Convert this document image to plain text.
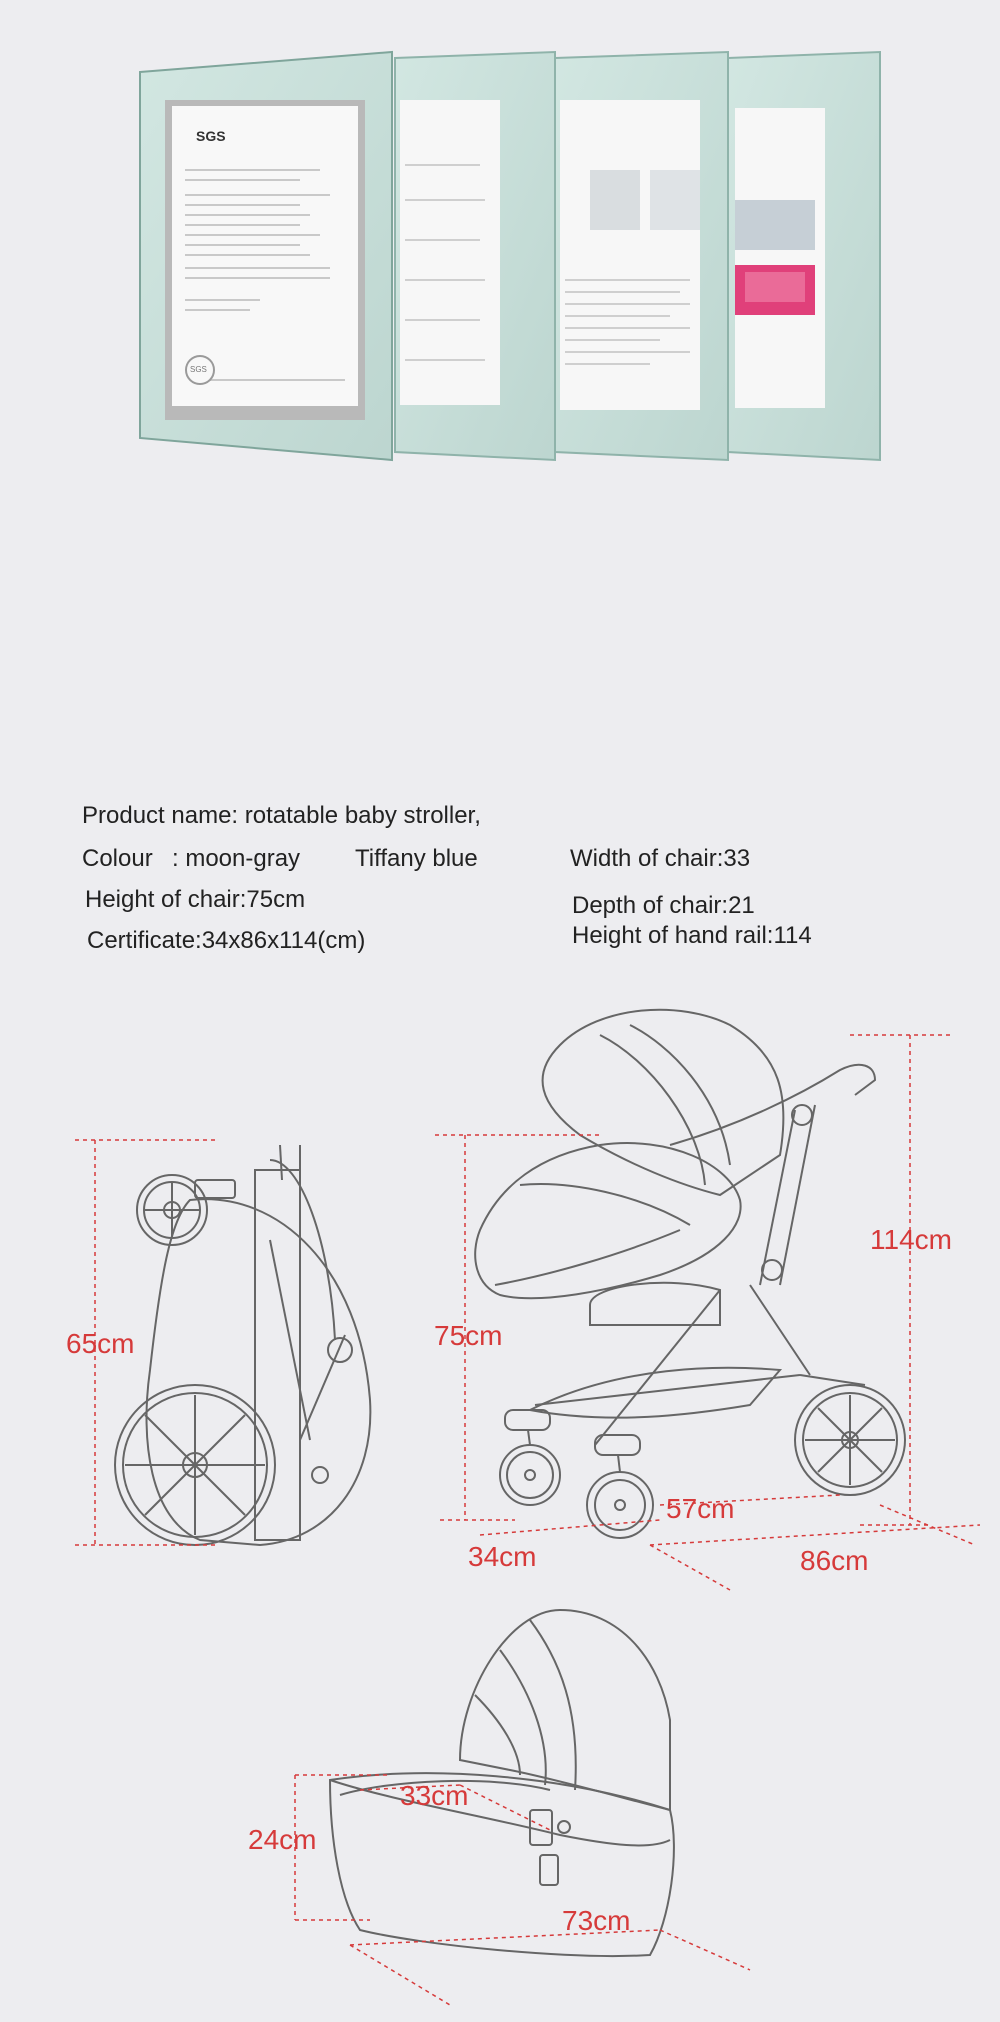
SGS
SGS
Product name: rotatable baby stroller,
Colour : moon-gray Tiffany blue
Height of chair:75cm
Certificate:34x86x114(cm)
Width of chair:33
Depth of chair:21
Height of hand rail:114
65cm	75cm
114cm
57cm
34cm	86cm
33cm
24cm
73cm
